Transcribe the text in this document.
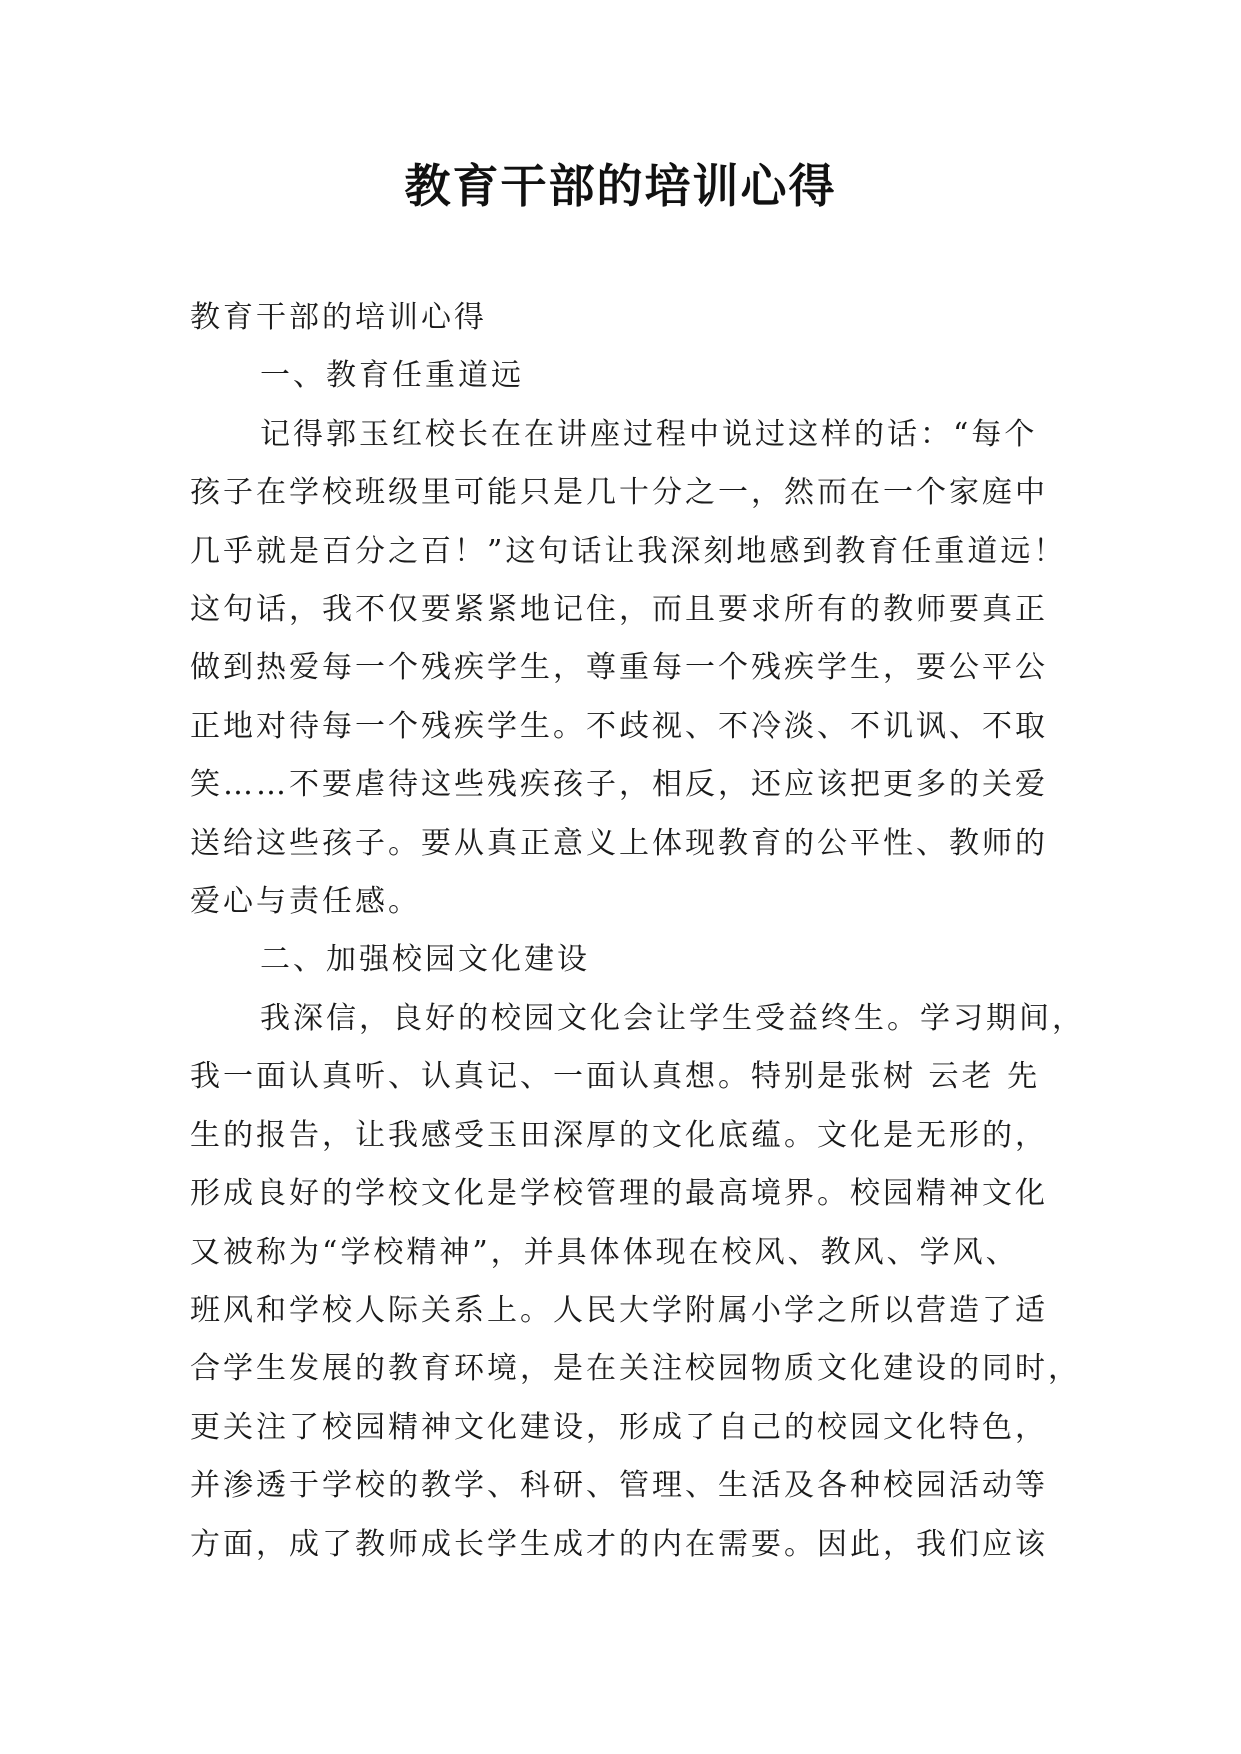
教育干部的培训心得
教育干部的培训心得
一、教育任重道远
记得郭玉红校长在在讲座过程中说过这样的话：“每个
孩子在学校班级里可能只是几十分之一，然而在一个家庭中
几乎就是百分之百！”这句话让我深刻地感到教育任重道远！
这句话，我不仅要紧紧地记住，而且要求所有的教师要真正
做到热爱每一个残疾学生，尊重每一个残疾学生，要公平公
正地对待每一个残疾学生。不歧视、不冷淡、不讥讽、不取
笑……不要虐待这些残疾孩子，相反，还应该把更多的关爱
送给这些孩子。要从真正意义上体现教育的公平性、教师的
爱心与责任感。
二、加强校园文化建设
我深信，良好的校园文化会让学生受益终生。学习期间，
我一面认真听、认真记、一面认真想。特别是张树 云老 先
生的报告，让我感受玉田深厚的文化底蕴。文化是无形的，
形成良好的学校文化是学校管理的最高境界。校园精神文化
又被称为“学校精神”，并具体体现在校风、教风、学风、
班风和学校人际关系上。人民大学附属小学之所以营造了适
合学生发展的教育环境，是在关注校园物质文化建设的同时，
更关注了校园精神文化建设，形成了自己的校园文化特色，
并渗透于学校的教学、科研、管理、生活及各种校园活动等
方面，成了教师成长学生成才的内在需要。因此，我们应该
